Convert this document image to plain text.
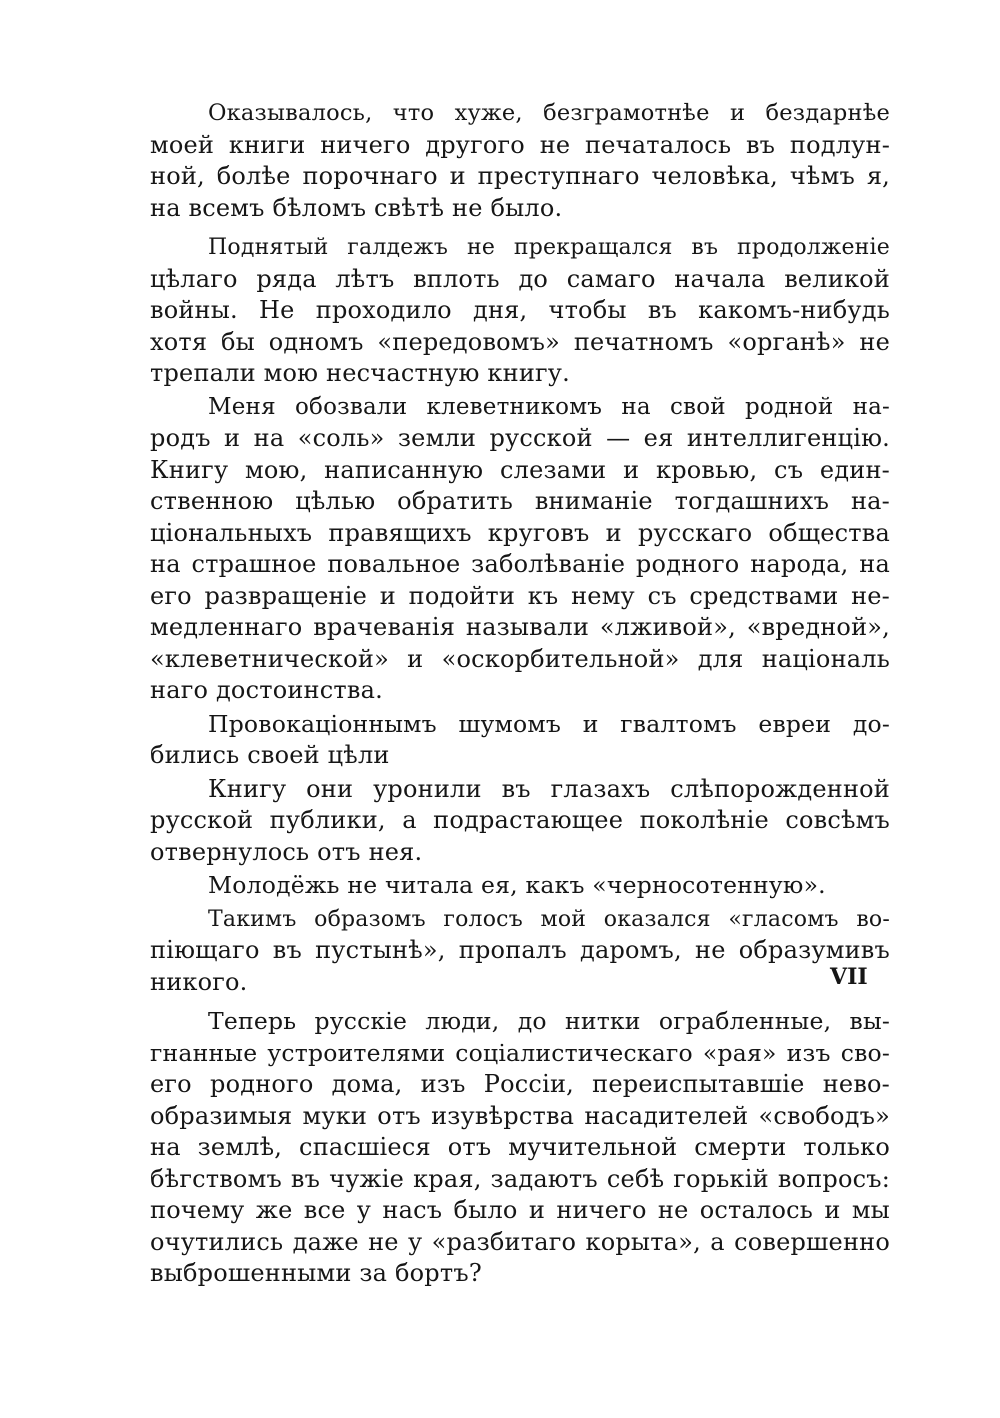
Оказывалось, что хуже, безграмотнѣе и бездарнѣе
моей книги ничего другого не печаталось въ подлун-
ной, болѣе порочнаго и преступнаго человѣка, чѣмъ я,
на всемъ бѣломъ свѣтѣ не было.
Поднятый галдежъ не прекращался въ продолженіе
цѣлаго ряда лѣтъ вплоть до самаго начала великой
войны. Не проходило дня, чтобы въ какомъ-нибудь
хотя бы одномъ «передовомъ» печатномъ «органѣ» не
трепали мою несчастную книгу.
Меня обозвали клеветникомъ на свой родной на-
родъ и на «соль» земли русской — ея интеллигенцію.
Книгу мою, написанную слезами и кровью, съ един-
ственною цѣлью обратить вниманіе тогдашнихъ на-
ціональныхъ правящихъ круговъ и русскаго общества
на страшное повальное заболѣваніе родного народа, на
его развращеніе и подойти къ нему съ средствами не-
медленнаго врачеванія называли «лживой», «вредной»,
«клеветнической» и «оскорбительной» для національ
наго достоинства.
Провокаціоннымъ шумомъ и гвалтомъ евреи до-
бились своей цѣли
Книгу они уронили въ глазахъ слѣпорожденной
русской публики, а подрастающее поколѣніе совсѣмъ
отвернулось отъ нея.
Молодёжь не читала ея, какъ «черносотенную».
Такимъ образомъ голосъ мой оказался «гласомъ во-
піющаго въ пустынѣ», пропалъ даромъ, не образумивъ
никого.
Теперь русскіе люди, до нитки ограбленные, вы-
гнанные устроителями соціалистическаго «рая» изъ сво-
его родного дома, изъ Россіи, переиспытавшіе нево-
образимыя муки отъ изувѣрства насадителей «свободъ»
на землѣ, спасшіеся отъ мучительной смерти только
бѣгствомъ въ чужіе края, задаютъ себѣ горькій вопросъ:
почему же все у насъ было и ничего не осталось и мы
очутились даже не у «разбитаго корыта», а совершенно
выброшенными за бортъ?
VII
